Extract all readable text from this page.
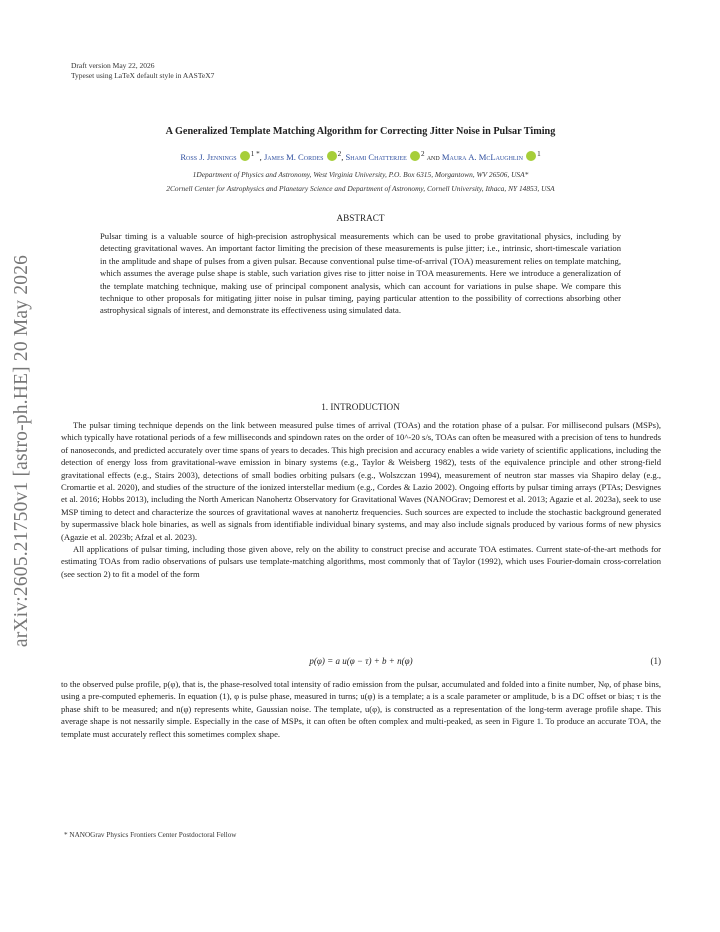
arXiv:2605.21750v1 [astro-ph.HE] 20 May 2026
Draft version May 22, 2026
Typeset using LaTeX default style in AASTeX7
A Generalized Template Matching Algorithm for Correcting Jitter Noise in Pulsar Timing
Ross J. Jennings $^{1 *}$, James M. Cordes $^2$, Shami Chatterjee $^2$ and Maura A. McLaughlin $^1$
1Department of Physics and Astronomy, West Virginia University, P.O. Box 6315, Morgantown, WV 26506, USA*
2Cornell Center for Astrophysics and Planetary Science and Department of Astronomy, Cornell University, Ithaca, NY 14853, USA
ABSTRACT
Pulsar timing is a valuable source of high-precision astrophysical measurements which can be used to probe gravitational physics, including by detecting gravitational waves. An important factor limiting the precision of these measurements is pulse jitter; i.e., intrinsic, short-timescale variation in the amplitude and shape of pulses from a given pulsar. Because conventional pulse time-of-arrival (TOA) measurement relies on template matching, which assumes the average pulse shape is stable, such variation gives rise to jitter noise in TOA measurements. Here we introduce a generalization of the template matching technique, making use of principal component analysis, which can account for variations in pulse shape. We compare this technique to other proposals for mitigating jitter noise in pulsar timing, paying particular attention to the possibility of corrections absorbing other astrophysical signals of interest, and demonstrate its effectiveness using simulated data.
1. INTRODUCTION

The pulsar timing technique depends on the link between measured pulse times of arrival (TOAs) and the rotation phase of a pulsar. For millisecond pulsars (MSPs), which typically have rotational periods of a few milliseconds and spindown rates on the order of 10^-20 s/s, TOAs can often be measured with a precision of tens to hundreds of nanoseconds, and predicted accurately over time spans of years to decades. This high precision and accuracy enables a wide variety of scientific applications, including the detection of energy loss from gravitational-wave emission in binary systems (e.g., Taylor & Weisberg 1982), tests of the equivalence principle and other strong-field gravitational effects (e.g., Stairs 2003), detections of small bodies orbiting pulsars (e.g., Wolszczan 1994), measurement of neutron star masses via Shapiro delay (e.g., Cromartie et al. 2020), and studies of the structure of the ionized interstellar medium (e.g., Cordes & Lazio 2002). Ongoing efforts by pulsar timing arrays (PTAs; Desvignes et al. 2016; Hobbs 2013), including the North American Nanohertz Observatory for Gravitational Waves (NANOGrav; Demorest et al. 2013; Agazie et al. 2023a), seek to use MSP timing to detect and characterize the sources of gravitational waves at nanohertz frequencies. Such sources are expected to include the stochastic background generated by supermassive black hole binaries, as well as signals from identifiable individual binary systems, and may also include signals produced by various forms of new physics (Agazie et al. 2023b; Afzal et al. 2023).

All applications of pulsar timing, including those given above, rely on the ability to construct precise and accurate TOA estimates. Current state-of-the-art methods for estimating TOAs from radio observations of pulsars use template-matching algorithms, most commonly that of Taylor (1992), which uses Fourier-domain cross-correlation (see section 2) to fit a model of the form

p(φ) = a u(φ − τ) + b + n(φ)	(1)

to the observed pulse profile, p(φ), that is, the phase-resolved total intensity of radio emission from the pulsar, accumulated and folded into a finite number, Nφ, of phase bins, using a pre-computed ephemeris. In equation (1), φ is pulse phase, measured in turns; u(φ) is a template; a is a scale parameter or amplitude, b is a DC offset or bias; τ is the phase shift to be measured; and n(φ) represents white, Gaussian noise. The template, u(φ), is constructed as a representation of the long-term average profile shape. This average shape is not nessarily simple. Especially in the case of MSPs, it can often be often complex and multi-peaked, as seen in Figure 1. To produce an accurate TOA, the template must accurately reflect this sometimes complex shape.

* NANOGrav Physics Frontiers Center Postdoctoral Fellow
